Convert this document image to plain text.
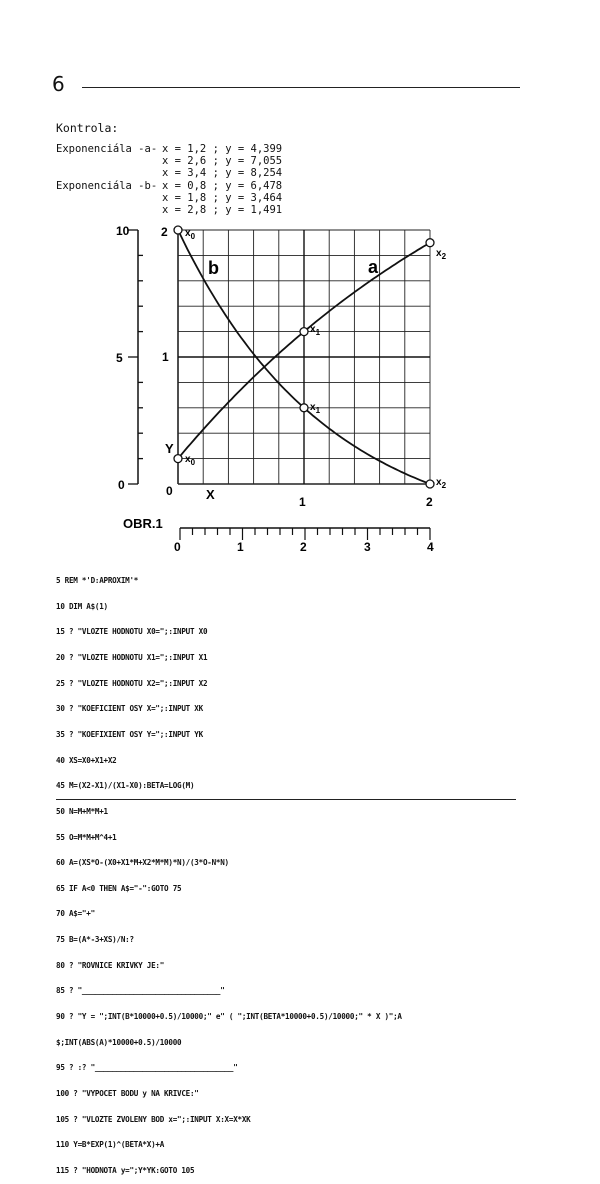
6
Kontrola:
Exponenciála -a- x = 1,2 ; y = 4,399
x = 2,6 ; y = 7,055
x = 3,4 ; y = 8,254
Exponenciála -b- x = 0,8 ; y = 6,478
x = 1,8 ; y = 3,464
x = 2,8 ; y = 1,491
10
5
0
2
1
0
1	2
X
Y
b	a
$x_0$
$x_0$
$x_1$
$x_1$
$x_2$
$x_2$
OBR.1
0	1	2	3	4

5 REM *'D:APROXIM'*

10 DIM A$(1)

15 ? "VLOZTE HODNOTU X0=";:INPUT X0

20 ? "VLOZTE HODNOTU X1=";:INPUT X1

25 ? "VLOZTE HODNOTU X2=";:INPUT X2

30 ? "KOEFICIENT OSY X=";:INPUT XK

35 ? "KOEFIXIENT OSY Y=";:INPUT YK

40 XS=X0+X1+X2

45 M=(X2-X1)/(X1-X0):BETA=LOG(M)

50 N=M+M*M+1

55 O=M*M+M^4+1

60 A=(XS*O-(X0+X1*M+X2*M*M)*N)/(3*O-N*N)

65 IF A<0 THEN A$="-":GOTO 75

70 A$="+"

75 B=(A*-3+XS)/N:?

80 ? "ROVNICE KRIVKY JE:"

85 ? "________________________________"

90 ? "Y = ";INT(B*10000+0.5)/10000;" e" ( ";INT(BETA*10000+0.5)/10000;" * X )";A

$;INT(ABS(A)*10000+0.5)/10000

95 ? :? "________________________________"

100 ? "VYPOCET BODU y NA KRIVCE:"

105 ? "VLOZTE ZVOLENY BOD x=";:INPUT X:X=X*XK

110 Y=B*EXP(1)^(BETA*X)+A

115 ? "HODNOTA y=";Y*YK:GOTO 105
